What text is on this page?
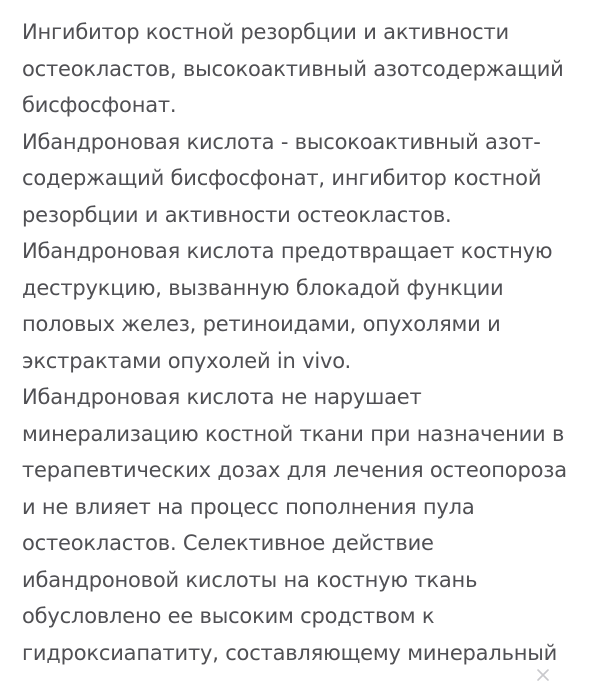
Ингибитор костной резорбции и активности
остеокластов, высокоактивный азотсодержащий
бисфосфонат.
Ибандроновая кислота - высокоактивный азот-
содержащий бисфосфонат, ингибитор костной
резорбции и активности остеокластов.
Ибандроновая кислота предотвращает костную
деструкцию, вызванную блокадой функции
половых желез, ретиноидами, опухолями и
экстрактами опухолей in vivo.
Ибандроновая кислота не нарушает
минерализацию костной ткани при назначении в
терапевтических дозах для лечения остеопороза
и не влияет на процесс пополнения пула
остеокластов. Селективное действие
ибандроновой кислоты на костную ткань
обусловлено ее высоким сродством к
гидроксиапатиту, составляющему минеральный
